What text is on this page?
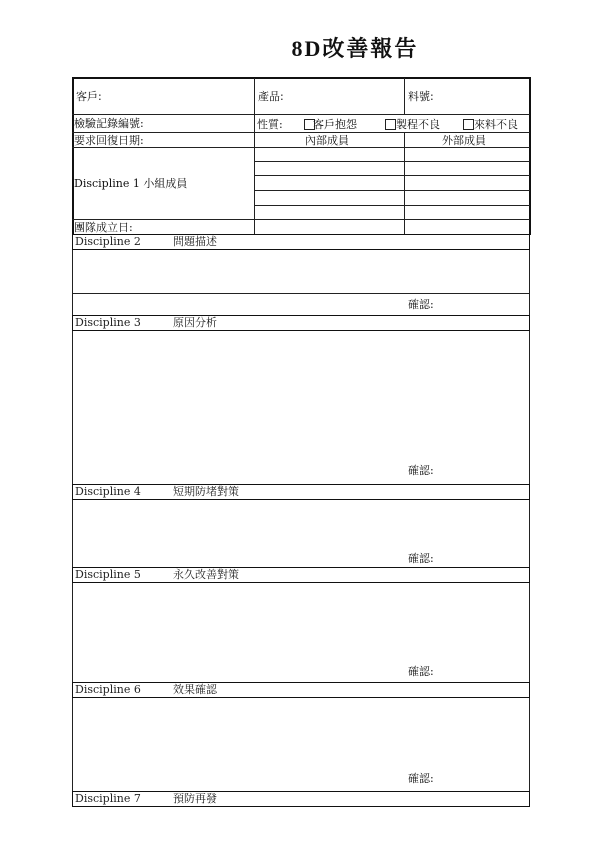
8D改善報告
客戶:	產品:	料號:
檢驗記錄編號:	性質:	客戶抱怨	製程不良	來料不良
要求回復日期:	內部成員	外部成員
Discipline 1 小組成員
團隊成立日:
Discipline 2	問題描述
確認:
Discipline 3	原因分析
確認:
Discipline 4	短期防堵對策
確認:
Discipline 5	永久改善對策
確認:
Discipline 6	效果確認
確認:
Discipline 7	預防再發
